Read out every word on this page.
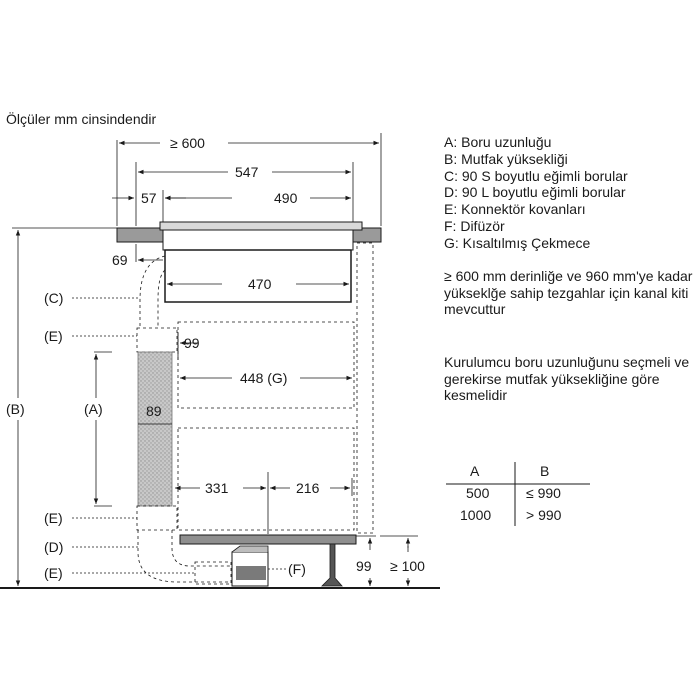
Ölçüler mm cinsindendir
≥ 600
547
57	490
69
470
99
448 (G)
89
331	216
(A)
(B)
(C)
(E)
(E)
(D)
(E)	(F)	99 ≥ 100
A	B
500	≤ 990
1000 > 990
A: Boru uzunluğu
B: Mutfak yüksekliği
C: 90 S boyutlu eğimli borular
D: 90 L boyutlu eğimli borular
E: Konnektör kovanları
F: Difüzör
G: Kısaltılmış Çekmece
≥ 600 mm derinliğe ve 960 mm'ye kadar yükseklğe sahip tezgahlar için kanal kiti mevcuttur
Kurulumcu boru uzunluğunu seçmeli ve gerekirse mutfak yüksekliğine göre kesmelidir
